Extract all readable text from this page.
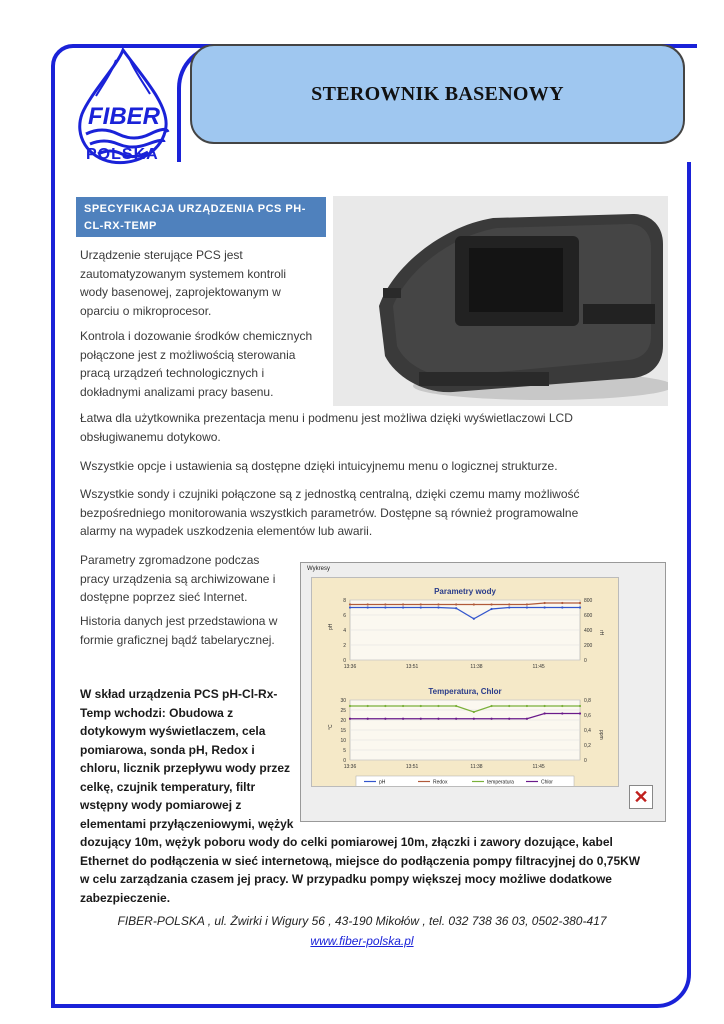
STEROWNIK BASENOWY
FIBER
POLSKA
SPECYFIKACJA URZĄDZENIA PCS PH-CL-RX-TEMP
Urządzenie sterujące PCS jest
zautomatyzowanym systemem kontroli
wody basenowej, zaprojektowanym w
oparciu o mikroprocesor.
Kontrola i dozowanie środków chemicznych
połączone jest z możliwością sterowania
pracą urządzeń technologicznych i
dokładnymi analizami pracy basenu.
Łatwa dla użytkownika prezentacja menu i podmenu jest możliwa dzięki wyświetlaczowi LCD
obsługiwanemu dotykowo.
Wszystkie opcje i ustawienia są dostępne dzięki intuicyjnemu menu o logicznej strukturze.
Wszystkie sondy i czujniki połączone są z jednostką centralną, dzięki czemu mamy możliwość
bezpośredniego monitorowania wszystkich parametrów. Dostępne są również programowalne
alarmy na wypadek uszkodzenia elementów lub awarii.
Parametry zgromadzone podczas
pracy urządzenia są archiwizowane i
dostępne poprzez sieć Internet.
Historia danych jest przedstawiona w
formie graficznej bądź tabelarycznej.
W skład urządzenia PCS pH-Cl-Rx-
Temp wchodzi: Obudowa z
dotykowym wyświetlaczem, cela
pomiarowa, sonda pH, Redox i
chloru, licznik przepływu wody przez
celkę, czujnik temperatury, filtr
wstępny wody pomiarowej z
elementami przyłączeniowymi, wężyk
dozujący 10m, wężyk poboru wody do celki pomiarowej 10m, złączki i zawory dozujące, kabel
Ethernet do podłączenia w sieć internetową, miejsce do podłączenia pompy filtracyjnej do 0,75KW
w celu zarządzania czasem jej pracy. W przypadku pompy większej mocy możliwe dodatkowe
zabezpieczenie.
Wykresy
Parametry wody
8
6
4
2
0
800
600
400
200
0
pH
rH
13:36	13:51	11:38	11:45
Temperatura, Chlor
30
25
20
15
10
5
0
0,8
0,6
0,4
0,2
0
°C
ppm
13:36	13:51	11:38	11:45
pH	Redox	temperatura	Chlor
✕
FIBER-POLSKA , ul. Żwirki i Wigury 56 , 43-190 Mikołów , tel. 032 738 36 03, 0502-380-417
www.fiber-polska.pl
